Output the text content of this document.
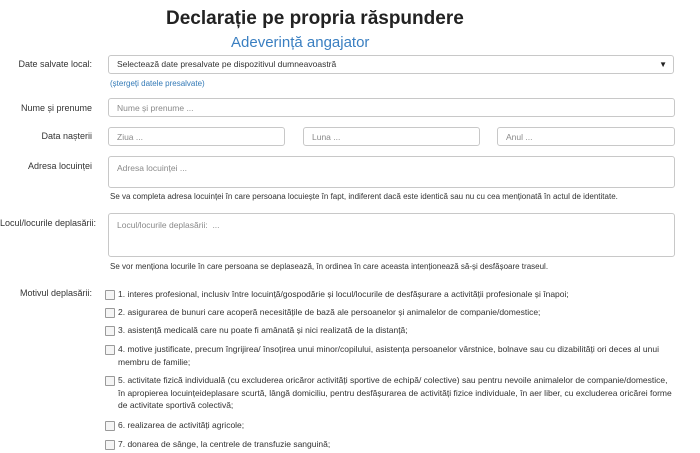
Declarație pe propria răspundere
Adeverință angajator
Date salvate local:	Selectează date presalvate pe dispozitivul dumneavoastră	▼
(ștergeți datele presalvate)
Nume și prenume
Nume și prenume ...
Data nașterii
Ziua ...
Luna ...
Anul ...
Adresa locuinței
Adresa locuinței ...
Se va completa adresa locuinței în care persoana locuiește în fapt, indiferent dacă este identică sau nu cu cea menționată în actul de identitate.
Locul/locurile deplasării:
Locul/locurile deplasării: ...
Se vor menționa locurile în care persoana se deplasează, în ordinea în care aceasta intenționează să-și desfășoare traseul.
Motivul deplasării:	1. interes profesional, inclusiv între locuință/gospodărie și locul/locurile de desfășurare a activității profesionale și înapoi;
2. asigurarea de bunuri care acoperă necesitățile de bază ale persoanelor și animalelor de companie/domestice;
3. asistență medicală care nu poate fi amânată și nici realizată de la distanță;
4. motive justificate, precum îngrijirea/ însoțirea unui minor/copilului, asistența persoanelor vârstnice, bolnave sau cu dizabilități ori deces al unui membru de familie;
5. activitate fizică individuală (cu excluderea oricăror activități sportive de echipă/ colective) sau pentru nevoile animalelor de companie/domestice, în apropierea locuințeideplasare scurtă, lângă domiciliu, pentru desfășurarea de activități fizice individuale, în aer liber, cu excluderea oricărei forme de activitate sportivă colectivă;
6. realizarea de activități agricole;
7. donarea de sânge, la centrele de transfuzie sanguină;
